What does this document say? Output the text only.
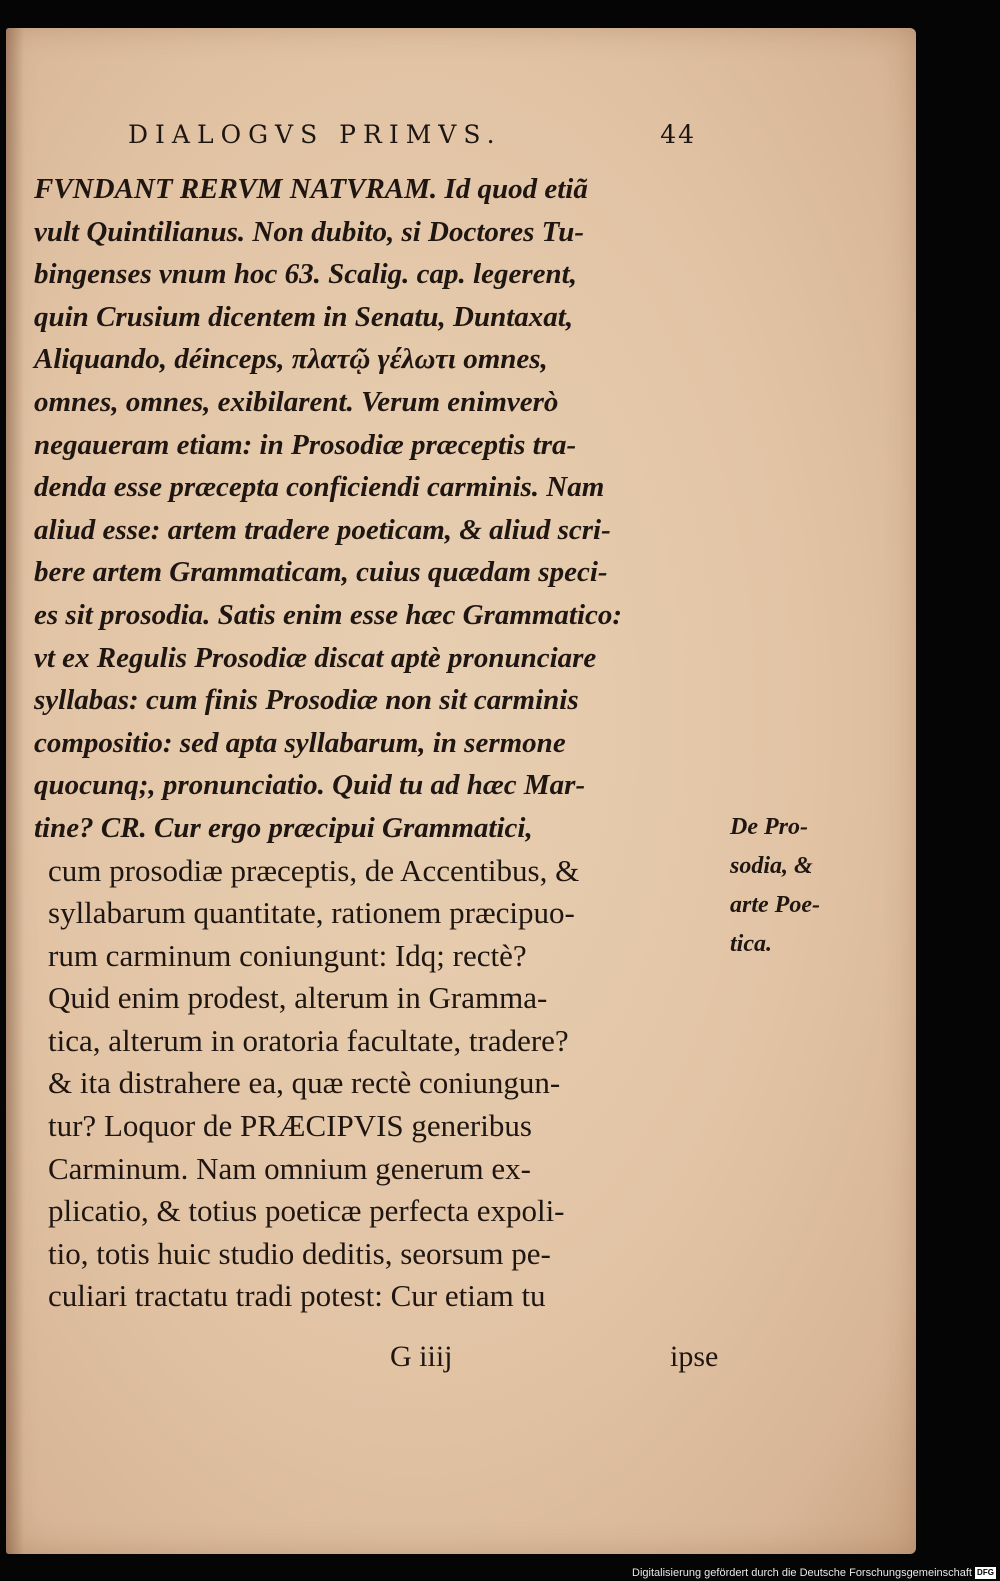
DIALOGVS PRIMVS.	44
FVNDANT RERVM NATVRAM. Id quod etiã
vult Quintilianus. Non dubito, si Doctores Tu-
bingenses vnum hoc 63. Scalig. cap. legerent,
quin Crusium dicentem in Senatu, Duntaxat,
Aliquando, déinceps, πλατῷ γέλωτι omnes,
omnes, omnes, exibilarent. Verum enimverò
negaueram etiam: in Prosodiæ præceptis tra-
denda esse præcepta conficiendi carminis. Nam
aliud esse: artem tradere poeticam, & aliud scri-
bere artem Grammaticam, cuius quædam speci-
es sit prosodia. Satis enim esse hæc Grammatico:
vt ex Regulis Prosodiæ discat aptè pronunciare
syllabas: cum finis Prosodiæ non sit carminis
compositio: sed apta syllabarum, in sermone
quocunq;, pronunciatio. Quid tu ad hæc Mar-
tine? CR. Cur ergo præcipui Grammatici,
cum prosodiæ præceptis, de Accentibus, &
syllabarum quantitate, rationem præcipuo-
rum carminum coniungunt: Idq; rectè?
Quid enim prodest, alterum in Gramma-
tica, alterum in oratoria facultate, tradere?
& ita distrahere ea, quæ rectè coniungun-
tur? Loquor de PRÆCIPVIS generibus
Carminum. Nam omnium generum ex-
plicatio, & totius poeticæ perfecta expoli-
tio, totis huic studio deditis, seorsum pe-
culiari tractatu tradi potest: Cur etiam tu
De Pro-
sodia, &
arte Poe-
tica.
G iiij	ipse
Digitalisierung gefördert durch die Deutsche Forschungsgemeinschaft DFG
